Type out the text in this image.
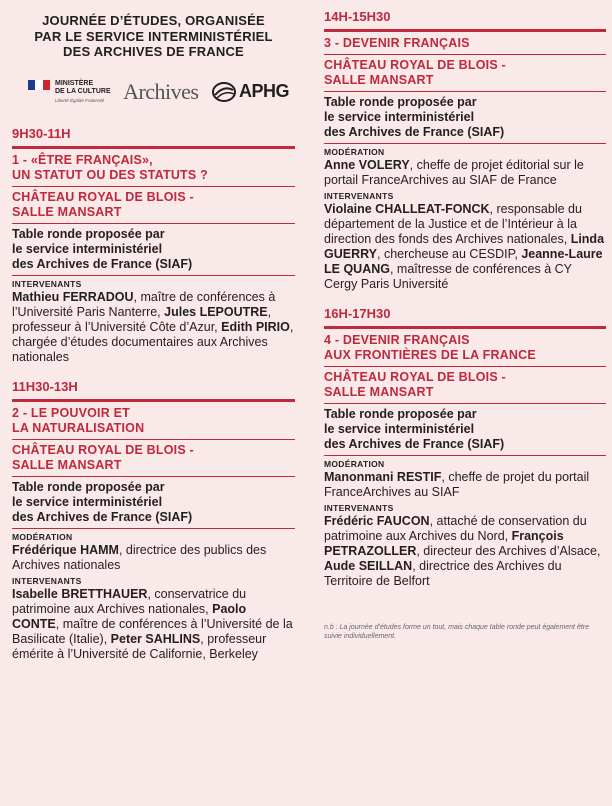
JOURNÉE D’ÉTUDES, ORGANISÉE
PAR LE SERVICE INTERMINISTÉRIEL
DES ARCHIVES DE FRANCE
MINISTÈRE
DE LA CULTURE
Liberté Égalité Fraternité Archives APHG
9H30-11H
1 - «ÊTRE FRANÇAIS»,
UN STATUT OU DES STATUTS ?
CHÂTEAU ROYAL DE BLOIS -
SALLE MANSART
Table ronde proposée par
le service interministériel
des Archives de France (SIAF)
INTERVENANTS
Mathieu FERRADOU, maître de conférences à l’Université Paris Nanterre, Jules LEPOUTRE, professeur à l’Université Côte d’Azur, Edith PIRIO, chargée d’études documentaires aux Archives nationales
11H30-13H
2 - LE POUVOIR ET
LA NATURALISATION
CHÂTEAU ROYAL DE BLOIS -
SALLE MANSART
Table ronde proposée par
le service interministériel
des Archives de France (SIAF)
MODÉRATION
Frédérique HAMM, directrice des publics des Archives nationales
INTERVENANTS
Isabelle BRETTHAUER, conservatrice du patrimoine aux Archives nationales, Paolo CONTE, maître de conférences à l’Université de la Basilicate (Italie), Peter SAHLINS, professeur émérite à l’Université de Californie, Berkeley
14H-15H30
3 - DEVENIR FRANÇAIS
CHÂTEAU ROYAL DE BLOIS -
SALLE MANSART
Table ronde proposée par
le service interministériel
des Archives de France (SIAF)
MODÉRATION
Anne VOLERY, cheffe de projet éditorial sur le portail FranceArchives au SIAF de France
INTERVENANTS
Violaine CHALLEAT-FONCK, responsable du département de la Justice et de l’Intérieur à la direction des fonds des Archives nationales, Linda GUERRY, chercheuse au CESDIP, Jeanne-Laure LE QUANG, maîtresse de conférences à CY Cergy Paris Université
16H-17H30
4 - DEVENIR FRANÇAIS
AUX FRONTIÈRES DE LA FRANCE
CHÂTEAU ROYAL DE BLOIS -
SALLE MANSART
Table ronde proposée par
le service interministériel
des Archives de France (SIAF)
MODÉRATION
Manonmani RESTIF, cheffe de projet du portail FranceArchives au SIAF
INTERVENANTS
Frédéric FAUCON, attaché de conservation du patrimoine aux Archives du Nord, François PETRAZOLLER, directeur des Archives d’Alsace, Aude SEILLAN, directrice des Archives du Territoire de Belfort
n.b : La journée d’études forme un tout, mais chaque table ronde peut également être suivie individuellement.
